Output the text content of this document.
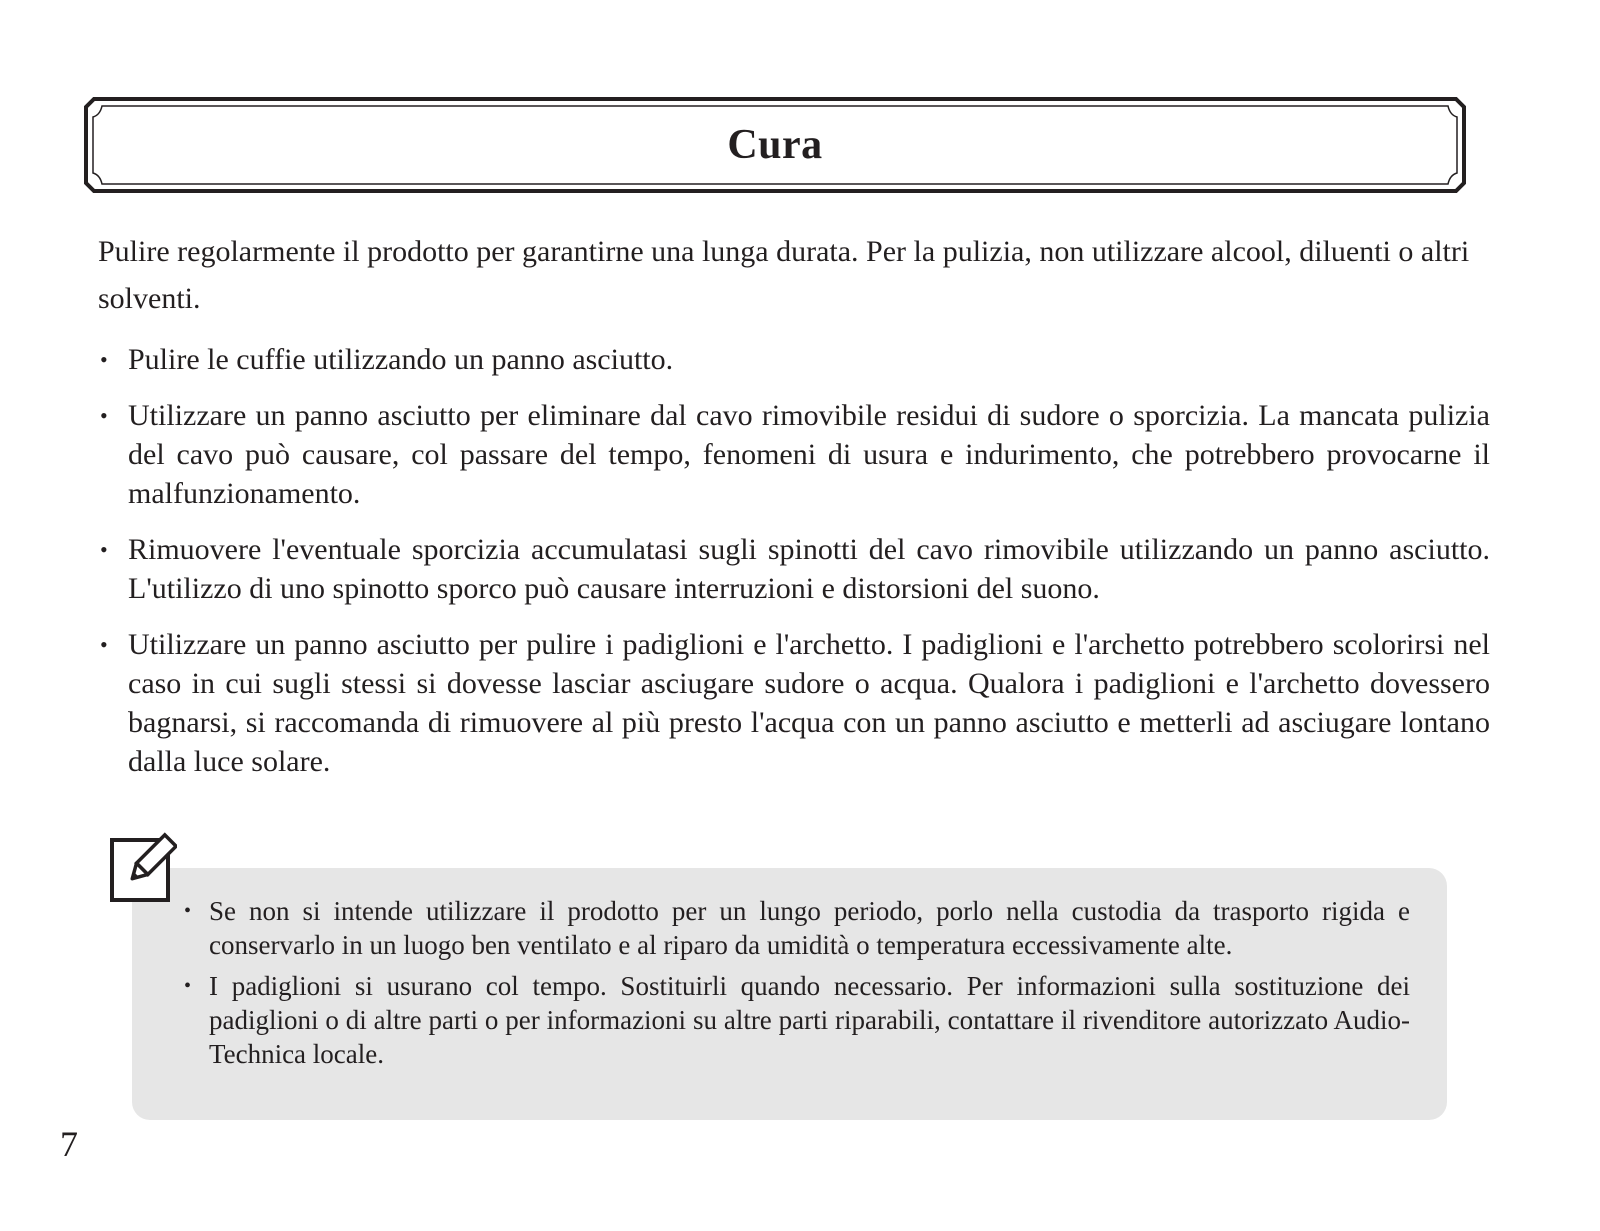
Cura

Pulire regolarmente il prodotto per garantirne una lunga durata. Per la pulizia, non utilizzare alcool, diluenti o altri solventi.

• Pulire le cuffie utilizzando un panno asciutto.
• Utilizzare un panno asciutto per eliminare dal cavo rimovibile residui di sudore o sporcizia. La mancata pulizia del cavo può causare, col passare del tempo, fenomeni di usura e indurimento, che potrebbero provocarne il malfunzionamento.
• Rimuovere l'eventuale sporcizia accumulatasi sugli spinotti del cavo rimovibile utilizzando un panno asciutto. L'utilizzo di uno spinotto sporco può causare interruzioni e distorsioni del suono.
• Utilizzare un panno asciutto per pulire i padiglioni e l'archetto. I padiglioni e l'archetto potrebbero scolorirsi nel caso in cui sugli stessi si dovesse lasciar asciugare sudore o acqua. Qualora i padiglioni e l'archetto dovessero bagnarsi, si raccomanda di rimuovere al più presto l'acqua con un panno asciutto e metterli ad asciugare lontano dalla luce solare.
• Se non si intende utilizzare il prodotto per un lungo periodo, porlo nella custodia da trasporto rigida e conservarlo in un luogo ben ventilato e al riparo da umidità o temperatura eccessivamente alte.
• I padiglioni si usurano col tempo. Sostituirli quando necessario. Per informazioni sulla sostituzione dei padiglioni o di altre parti o per informazioni su altre parti riparabili, contattare il rivenditore autorizzato Audio-Technica locale.
7
